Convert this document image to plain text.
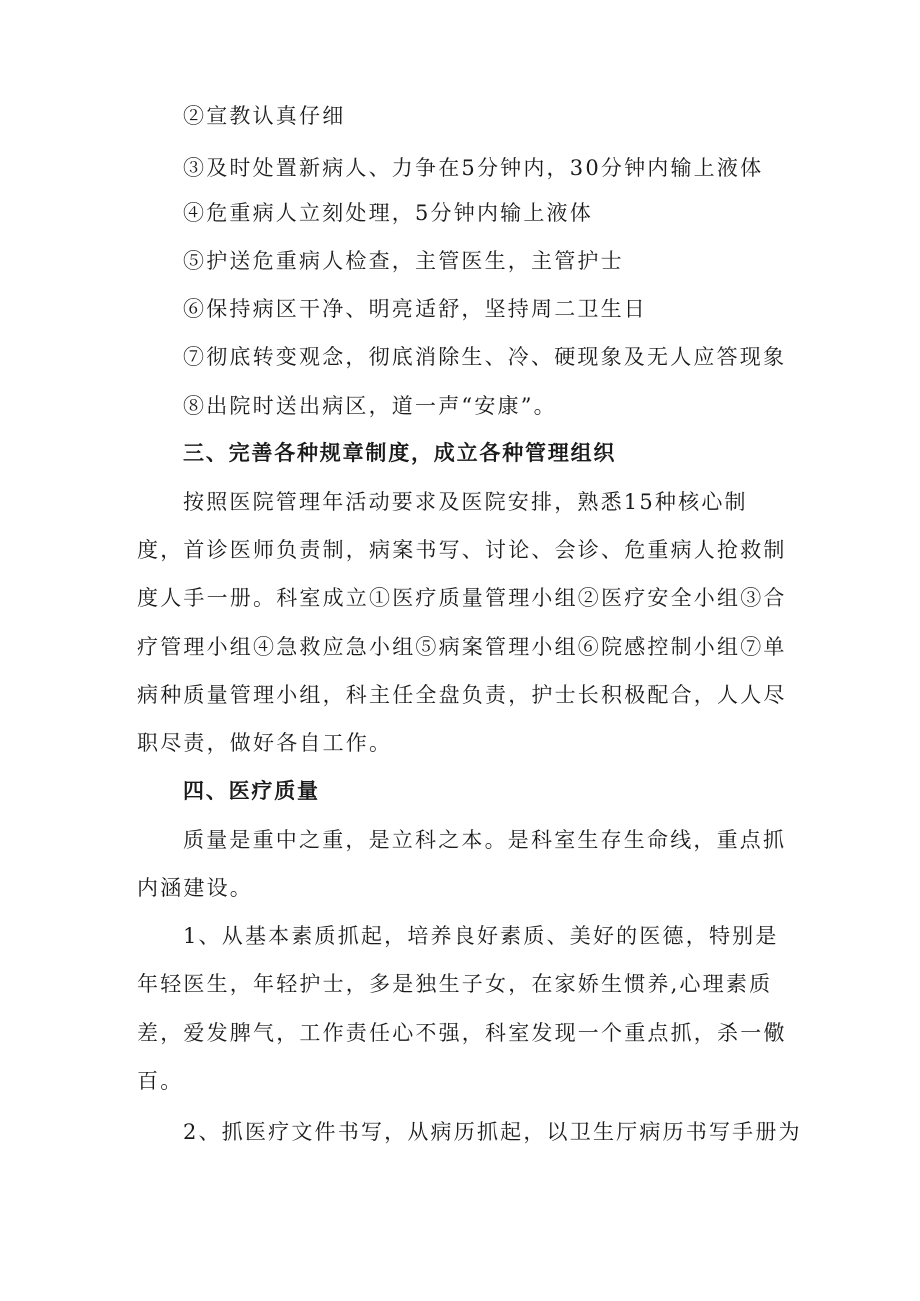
②宣教认真仔细
③及时处置新病人、力争在5分钟内，30分钟内输上液体
④危重病人立刻处理，5分钟内输上液体
⑤护送危重病人检查，主管医生，主管护士
⑥保持病区干净、明亮适舒，坚持周二卫生日
⑦彻底转变观念，彻底消除生、冷、硬现象及无人应答现象
⑧出院时送出病区，道一声“安康”。
三、完善各种规章制度，成立各种管理组织
按照医院管理年活动要求及医院安排，熟悉15种核心制
度，首诊医师负责制，病案书写、讨论、会诊、危重病人抢救制
度人手一册。科室成立①医疗质量管理小组②医疗安全小组③合
疗管理小组④急救应急小组⑤病案管理小组⑥院感控制小组⑦单
病种质量管理小组，科主任全盘负责，护士长积极配合，人人尽
职尽责，做好各自工作。
四、医疗质量
质量是重中之重，是立科之本。是科室生存生命线，重点抓
内涵建设。
1、从基本素质抓起，培养良好素质、美好的医德，特别是
年轻医生，年轻护士，多是独生子女，在家娇生惯养,心理素质
差，爱发脾气，工作责任心不强，科室发现一个重点抓，杀一儆
百。
2、抓医疗文件书写，从病历抓起，以卫生厅病历书写手册为
